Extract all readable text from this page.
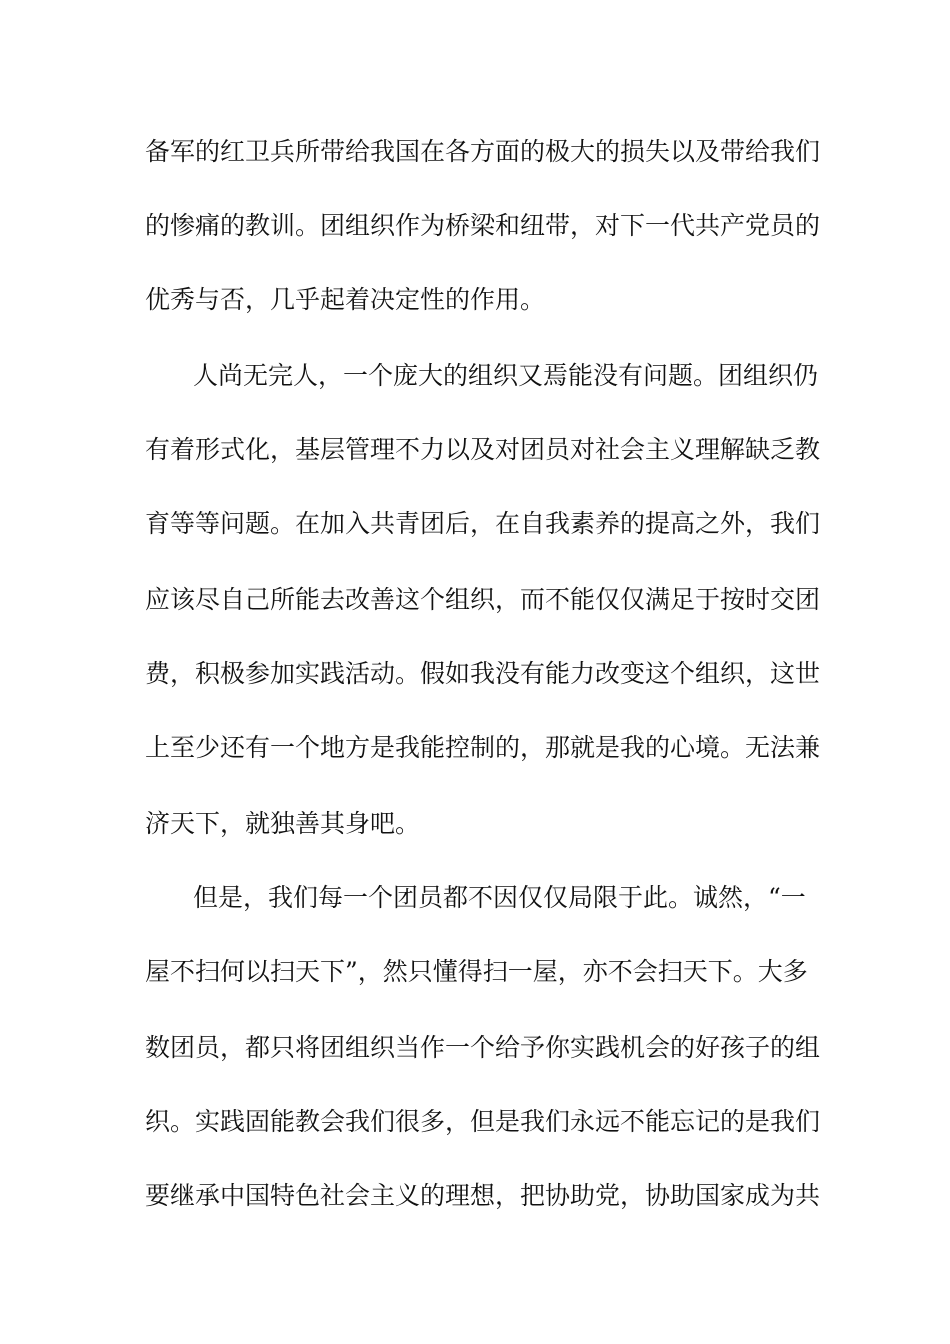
备军的红卫兵所带给我国在各方面的极大的损失以及带给我们
的惨痛的教训。团组织作为桥梁和纽带，对下一代共产党员的
优秀与否，几乎起着决定性的作用。
人尚无完人，一个庞大的组织又焉能没有问题。团组织仍
有着形式化，基层管理不力以及对团员对社会主义理解缺乏教
育等等问题。在加入共青团后，在自我素养的提高之外，我们
应该尽自己所能去改善这个组织，而不能仅仅满足于按时交团
费，积极参加实践活动。假如我没有能力改变这个组织，这世
上至少还有一个地方是我能控制的，那就是我的心境。无法兼
济天下，就独善其身吧。
但是，我们每一个团员都不因仅仅局限于此。诚然，“一
屋不扫何以扫天下”，然只懂得扫一屋，亦不会扫天下。大多
数团员，都只将团组织当作一个给予你实践机会的好孩子的组
织。实践固能教会我们很多，但是我们永远不能忘记的是我们
要继承中国特色社会主义的理想，把协助党，协助国家成为共
